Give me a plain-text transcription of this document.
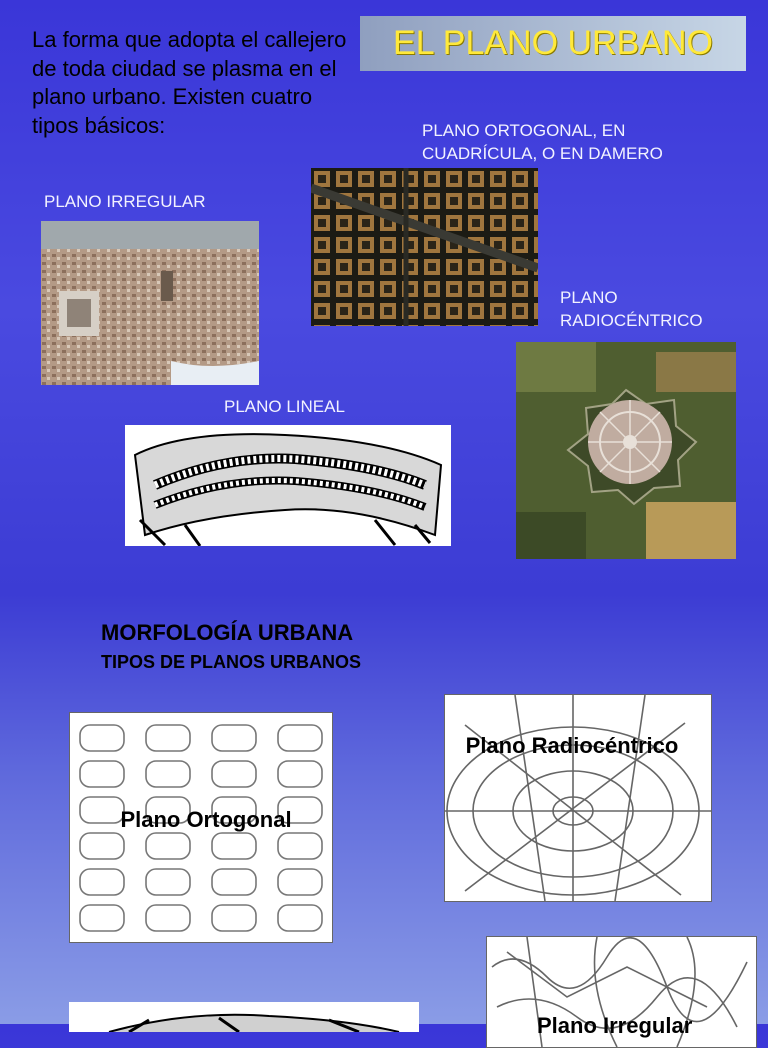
La forma que adopta el callejero de toda ciudad se plasma en el plano urbano. Existen cuatro tipos básicos:
EL PLANO URBANO
PLANO ORTOGONAL, EN CUADRÍCULA, O EN DAMERO
PLANO IRREGULAR
PLANO RADIOCÉNTRICO
PLANO LINEAL
MORFOLOGÍA URBANA
TIPOS DE PLANOS URBANOS
Plano Ortogonal
Plano Radiocéntrico
Plano Irregular
